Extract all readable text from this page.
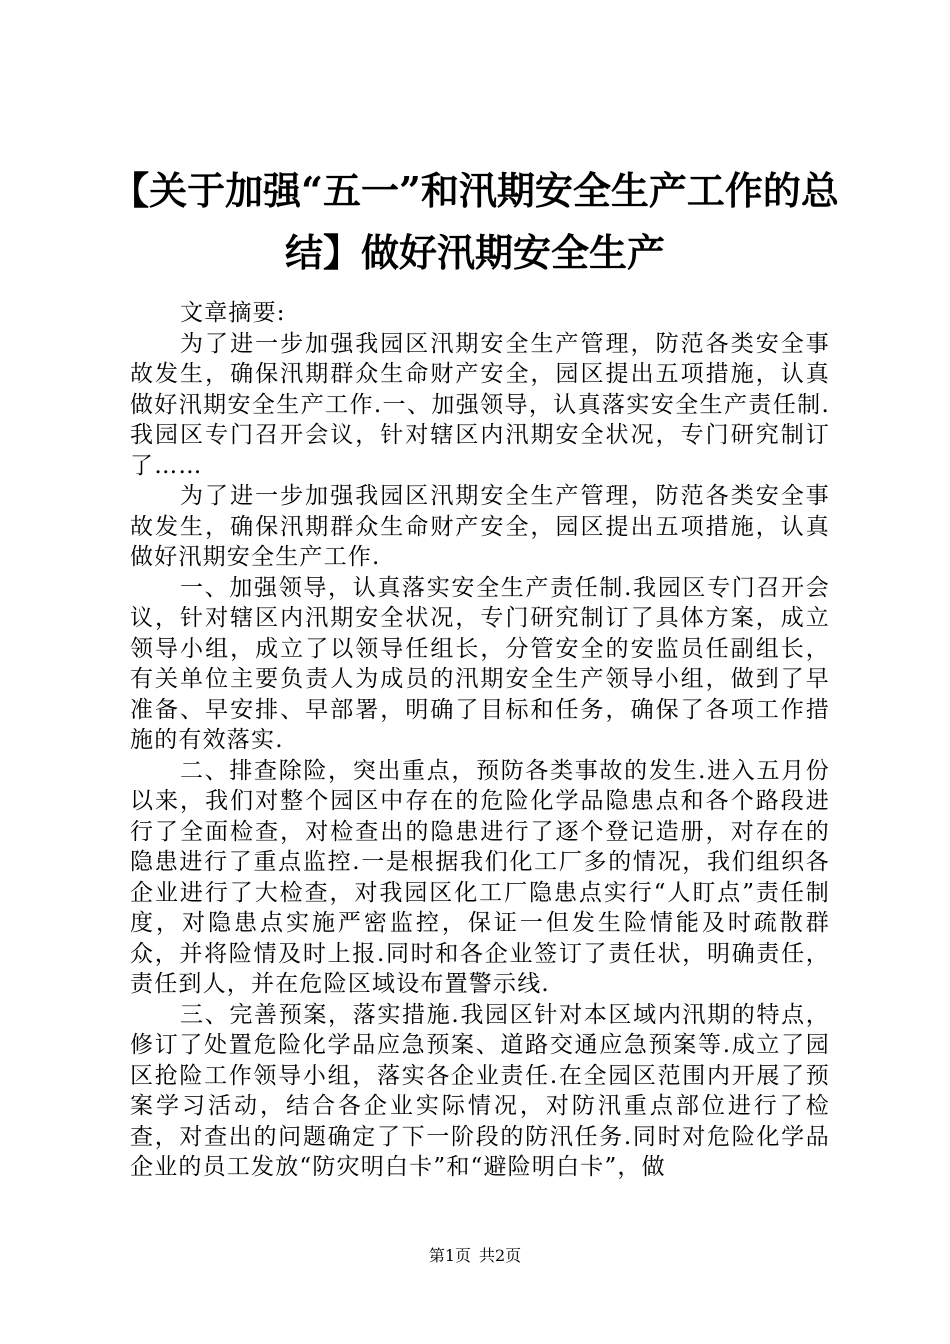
【关于加强“五一”和汛期安全生产工作的总
结】做好汛期安全生产

文章摘要:

为了进一步加强我园区汛期安全生产管理，防范各类安全事故发生，确保汛期群众生命财产安全，园区提出五项措施，认真做好汛期安全生产工作.一、加强领导，认真落实安全生产责任制.我园区专门召开会议，针对辖区内汛期安全状况，专门研究制订了……

为了进一步加强我园区汛期安全生产管理，防范各类安全事故发生，确保汛期群众生命财产安全，园区提出五项措施，认真做好汛期安全生产工作.

一、加强领导，认真落实安全生产责任制.我园区专门召开会议，针对辖区内汛期安全状况，专门研究制订了具体方案，成立领导小组，成立了以领导任组长，分管安全的安监员任副组长，有关单位主要负责人为成员的汛期安全生产领导小组，做到了早准备、早安排、早部署，明确了目标和任务，确保了各项工作措施的有效落实.

二、排查除险，突出重点，预防各类事故的发生.进入五月份以来，我们对整个园区中存在的危险化学品隐患点和各个路段进行了全面检查，对检查出的隐患进行了逐个登记造册，对存在的隐患进行了重点监控.一是根据我们化工厂多的情况，我们组织各企业进行了大检查，对我园区化工厂隐患点实行“人盯点”责任制度，对隐患点实施严密监控，保证一但发生险情能及时疏散群众，并将险情及时上报.同时和各企业签订了责任状，明确责任，责任到人，并在危险区域设布置警示线.

三、完善预案，落实措施.我园区针对本区域内汛期的特点，修订了处置危险化学品应急预案、道路交通应急预案等.成立了园区抢险工作领导小组，落实各企业责任.在全园区范围内开展了预案学习活动，结合各企业实际情况，对防汛重点部位进行了检查，对查出的问题确定了下一阶段的防汛任务.同时对危险化学品企业的员工发放“防灾明白卡”和“避险明白卡”，做

第1页 共2页
